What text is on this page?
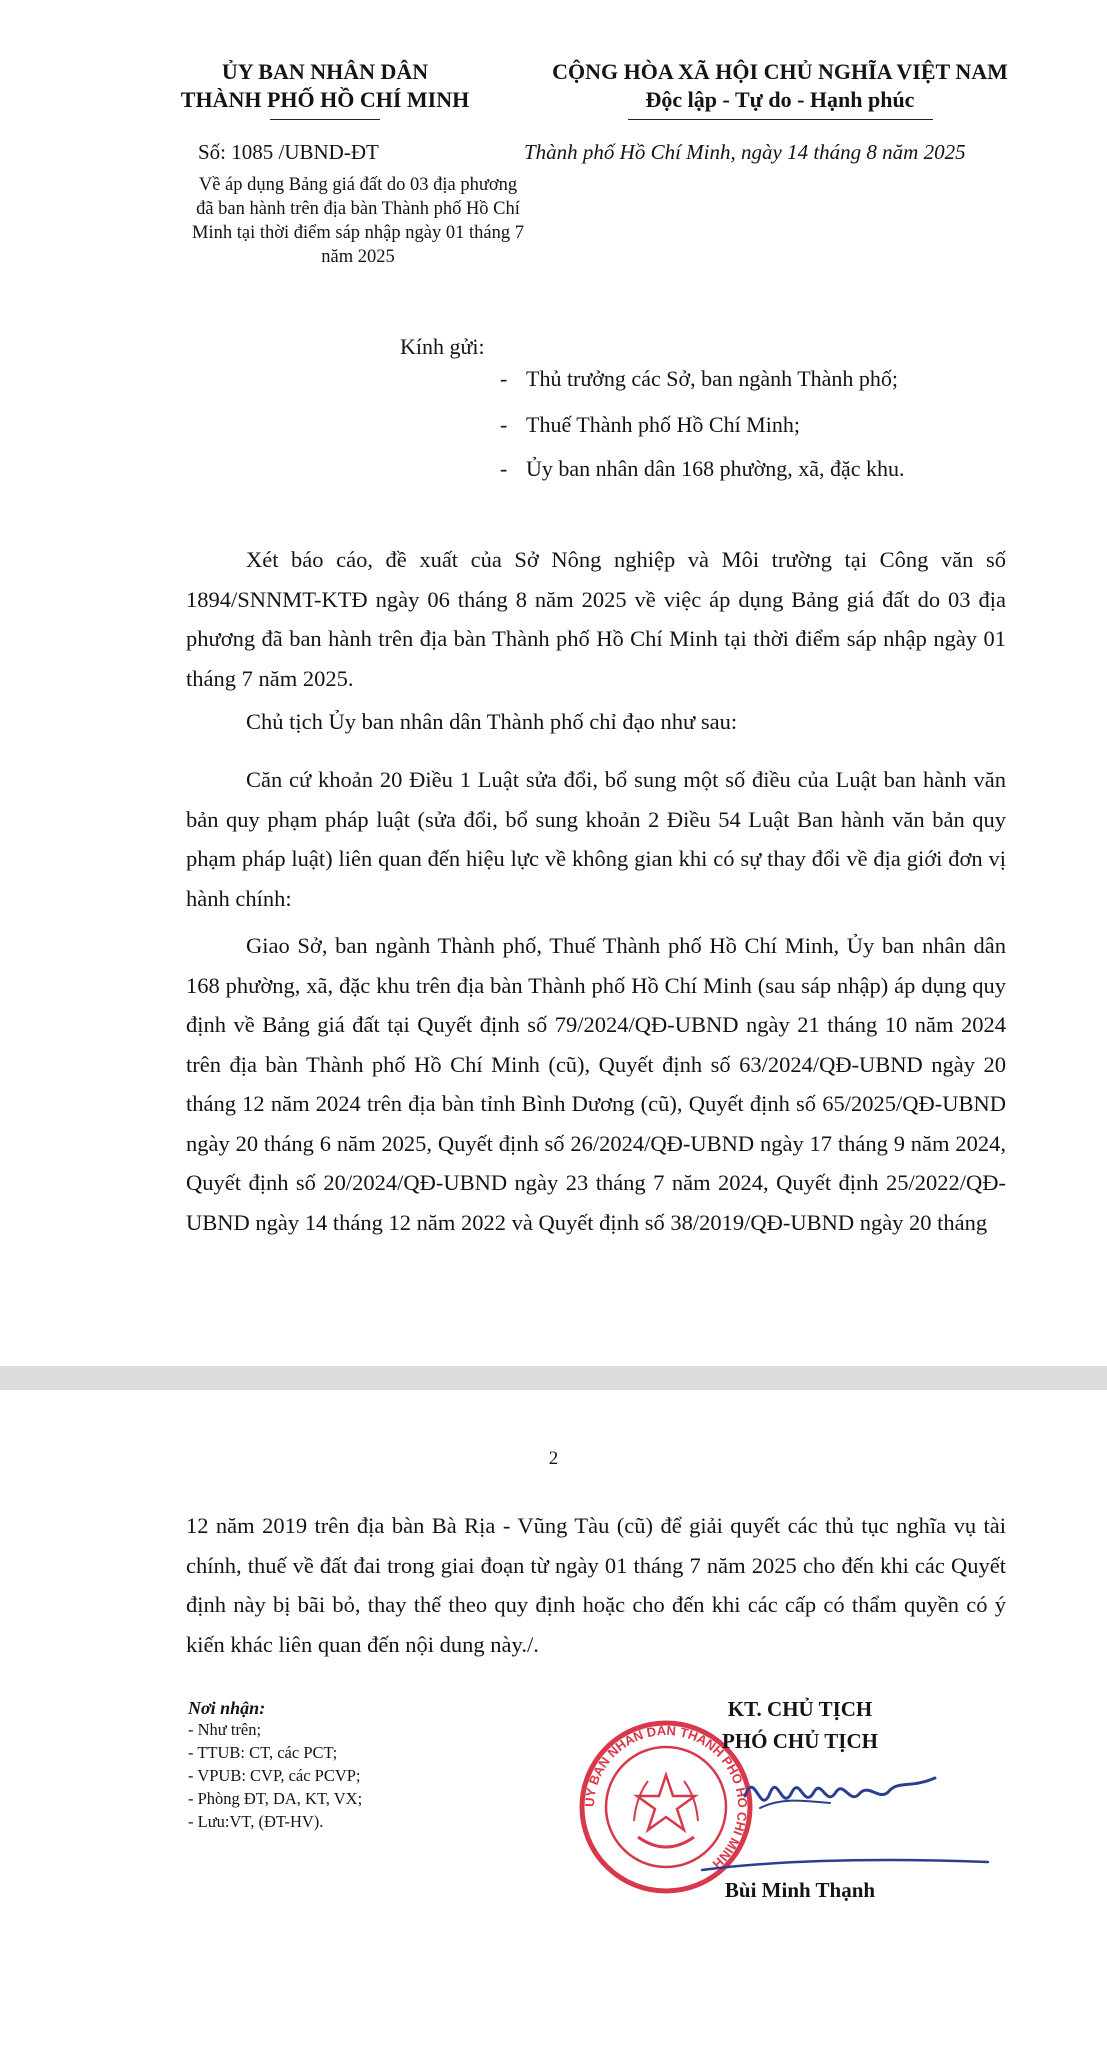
ỦY BAN NHÂN DÂN
THÀNH PHỐ HỒ CHÍ MINH
CỘNG HÒA XÃ HỘI CHỦ NGHĨA VIỆT NAM
Độc lập - Tự do - Hạnh phúc
Số: 1085 /UBND-ĐT	Thành phố Hồ Chí Minh, ngày 14 tháng 8 năm 2025
Về áp dụng Bảng giá đất do 03 địa phương đã ban hành trên địa bàn Thành phố Hồ Chí Minh tại thời điểm sáp nhập ngày 01 tháng 7 năm 2025
Kính gửi:
- Thủ trưởng các Sở, ban ngành Thành phố;
- Thuế Thành phố Hồ Chí Minh;
- Ủy ban nhân dân 168 phường, xã, đặc khu.
Xét báo cáo, đề xuất của Sở Nông nghiệp và Môi trường tại Công văn số 1894/SNNMT-KTĐ ngày 06 tháng 8 năm 2025 về việc áp dụng Bảng giá đất do 03 địa phương đã ban hành trên địa bàn Thành phố Hồ Chí Minh tại thời điểm sáp nhập ngày 01 tháng 7 năm 2025.
Chủ tịch Ủy ban nhân dân Thành phố chỉ đạo như sau:
Căn cứ khoản 20 Điều 1 Luật sửa đổi, bổ sung một số điều của Luật ban hành văn bản quy phạm pháp luật (sửa đổi, bổ sung khoản 2 Điều 54 Luật Ban hành văn bản quy phạm pháp luật) liên quan đến hiệu lực về không gian khi có sự thay đổi về địa giới đơn vị hành chính:
Giao Sở, ban ngành Thành phố, Thuế Thành phố Hồ Chí Minh, Ủy ban nhân dân 168 phường, xã, đặc khu trên địa bàn Thành phố Hồ Chí Minh (sau sáp nhập) áp dụng quy định về Bảng giá đất tại Quyết định số 79/2024/QĐ-UBND ngày 21 tháng 10 năm 2024 trên địa bàn Thành phố Hồ Chí Minh (cũ), Quyết định số 63/2024/QĐ-UBND ngày 20 tháng 12 năm 2024 trên địa bàn tỉnh Bình Dương (cũ), Quyết định số 65/2025/QĐ-UBND ngày 20 tháng 6 năm 2025, Quyết định số 26/2024/QĐ-UBND ngày 17 tháng 9 năm 2024, Quyết định số 20/2024/QĐ-UBND ngày 23 tháng 7 năm 2024, Quyết định 25/2022/QĐ-UBND ngày 14 tháng 12 năm 2022 và Quyết định số 38/2019/QĐ-UBND ngày 20 tháng
2
12 năm 2019 trên địa bàn Bà Rịa - Vũng Tàu (cũ) để giải quyết các thủ tục nghĩa vụ tài chính, thuế về đất đai trong giai đoạn từ ngày 01 tháng 7 năm 2025 cho đến khi các Quyết định này bị bãi bỏ, thay thế theo quy định hoặc cho đến khi các cấp có thẩm quyền có ý kiến khác liên quan đến nội dung này./.
Nơi nhận:
- Như trên;
- TTUB: CT, các PCT;
- VPUB: CVP, các PCVP;
- Phòng ĐT, DA, KT, VX;
- Lưu:VT, (ĐT-HV).
ỦY BAN NHÂN DÂN THÀNH PHỐ HỒ CHÍ MINH
KT. CHỦ TỊCH
PHÓ CHỦ TỊCH
Bùi Minh Thạnh
